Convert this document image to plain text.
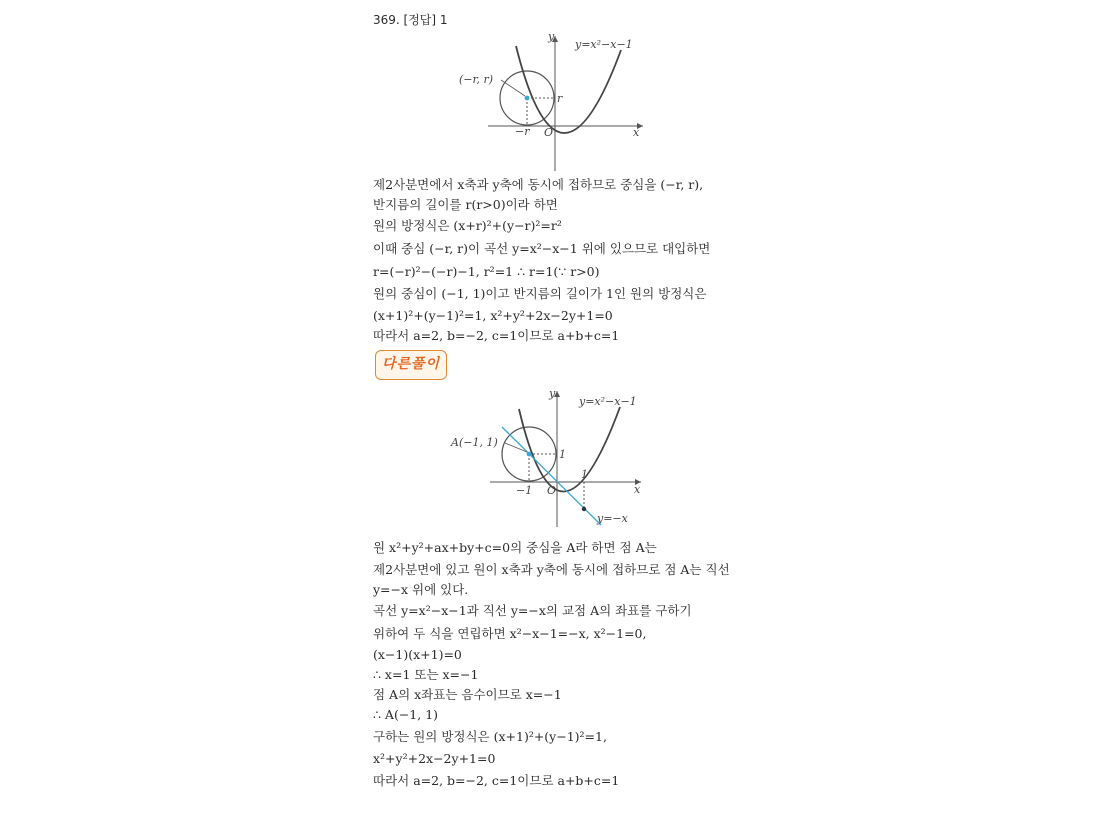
369. [정답] 1
y
x
O
y=x²−x−1
(−r, r)
r
−r
제2사분면에서 x축과 y축에 동시에 접하므로 중심을 (−r, r),
반지름의 길이를 r(r>0)이라 하면
원의 방정식은 (x+r)²+(y−r)²=r²
이때 중심 (−r, r)이 곡선 y=x²−x−1 위에 있으므로 대입하면
r=(−r)²−(−r)−1, r²=1 ∴ r=1(∵ r>0)
원의 중심이 (−1, 1)이고 반지름의 길이가 1인 원의 방정식은
(x+1)²+(y−1)²=1, x²+y²+2x−2y+1=0
따라서 a=2, b=−2, c=1이므로 a+b+c=1
다른풀이
y
x
O
y=x²−x−1
y=−x
A(−1, 1)
1
1
−1
원 x²+y²+ax+by+c=0의 중심을 A라 하면 점 A는
제2사분면에 있고 원이 x축과 y축에 동시에 접하므로 점 A는 직선
y=−x 위에 있다.
곡선 y=x²−x−1과 직선 y=−x의 교점 A의 좌표를 구하기
위하여 두 식을 연립하면 x²−x−1=−x, x²−1=0,
(x−1)(x+1)=0
∴ x=1 또는 x=−1
점 A의 x좌표는 음수이므로 x=−1
∴ A(−1, 1)
구하는 원의 방정식은 (x+1)²+(y−1)²=1,
x²+y²+2x−2y+1=0
따라서 a=2, b=−2, c=1이므로 a+b+c=1
